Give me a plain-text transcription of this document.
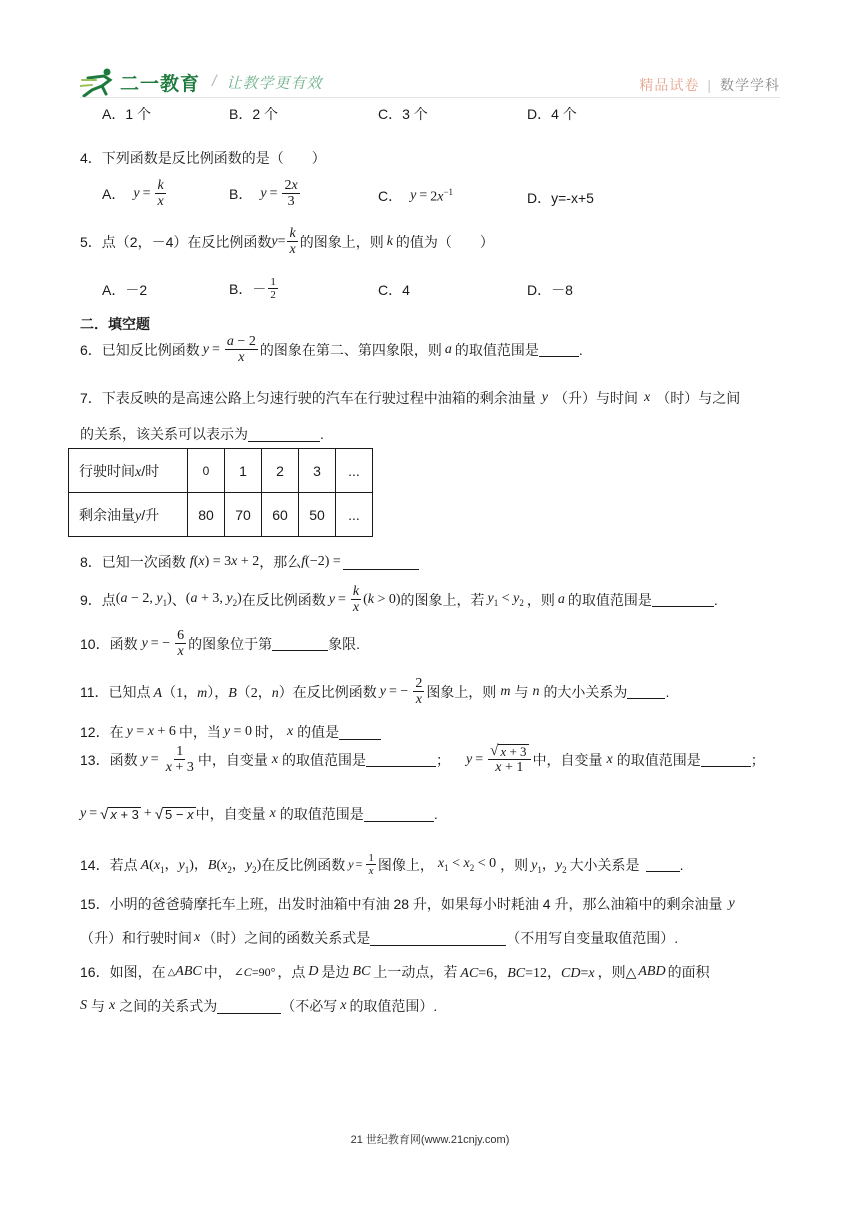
二一教育 / 让教学更有效	精品试卷 | 数学学科
A．1 个	B．2 个	C．3 个	D．4 个
4．下列函数是反比例函数的是（　　）
A． $y = \frac{k}{x}$	B． $y = \frac{2x}{3}$	C． $y = 2x^{-1}$	D．y=-x+5
5．点（2，－4）在反比例函数 $y = \frac{k}{x}$ 的图象上，则 k 的值为（　　）
A．－2	B．－ $\frac{1}{2}$	C．4	D．－8
二．填空题
6．已知反比例函数 $y = \frac{a - 2}{x}$ 的图象在第二、第四象限，则 a 的取值范围是	.
7．下表反映的是高速公路上匀速行驶的汽车在行驶过程中油箱的剩余油量 y （升）与时间 x （时）与之间
的关系，该关系可以表示为	.
8．已知一次函数 f(x) = 3x + 2 ，那么 f(−2) =
9．点 (a − 2, $y_1$) 、 (a + 3, $y_2$) 在反比例函数 $y = \frac{k}{x} (k > 0)$ 的图象上，若 $y_1 < y_2$ ，则 a 的取值范围是	.
10．函数 y = − $\frac{6}{x}$ 的图象位于第	象限.
11．已知点 A（1，m），B（2，n） 在反比例函数 y = − $\frac{2}{x}$ 图象上，则 m 与 n 的大小关系为	.
12．在 y = x + 6 中，当 y = 0 时， x 的值是
13．函数 $y = \frac{1}{x + 3}$ 中，自变量 x 的取值范围是	； $y = \frac{√ x + 3}{x + 1}$ 中，自变量 x 的取值范围是	；
y = √ x + 3 + √ 5 − x 中，自变量 x 的取值范围是	.
14．若点 $A(x_1$，$y_1$)，$B(x_2$，$y_2$) 在反比例函数 $y = \frac{1}{x}$ 图像上， $x_1 < x_2 < 0$ ，则 $y_1$，$y_2$ 大小关系是	.
15．小明的爸爸骑摩托车上班，出发时油箱中有油 28 升，如果每小时耗油 4 升，那么油箱中的剩余油量 y
（升）和行驶时间 x （时）之间的函数关系式是	（不用写自变量取值范围）.
16．如图，在 △ABC 中， ∠C=90° ，点 D 是边 BC 上一动点，若 AC=6，BC=12，CD=x ，则△ ABD 的面积
S 与 x 之间的关系式为	（不必写 x 的取值范围）.
行驶时间x/时	0	1	2	3	...
剩余油量y/升	80	70	60	50	...
21 世纪教育网(www.21cnjy.com)
